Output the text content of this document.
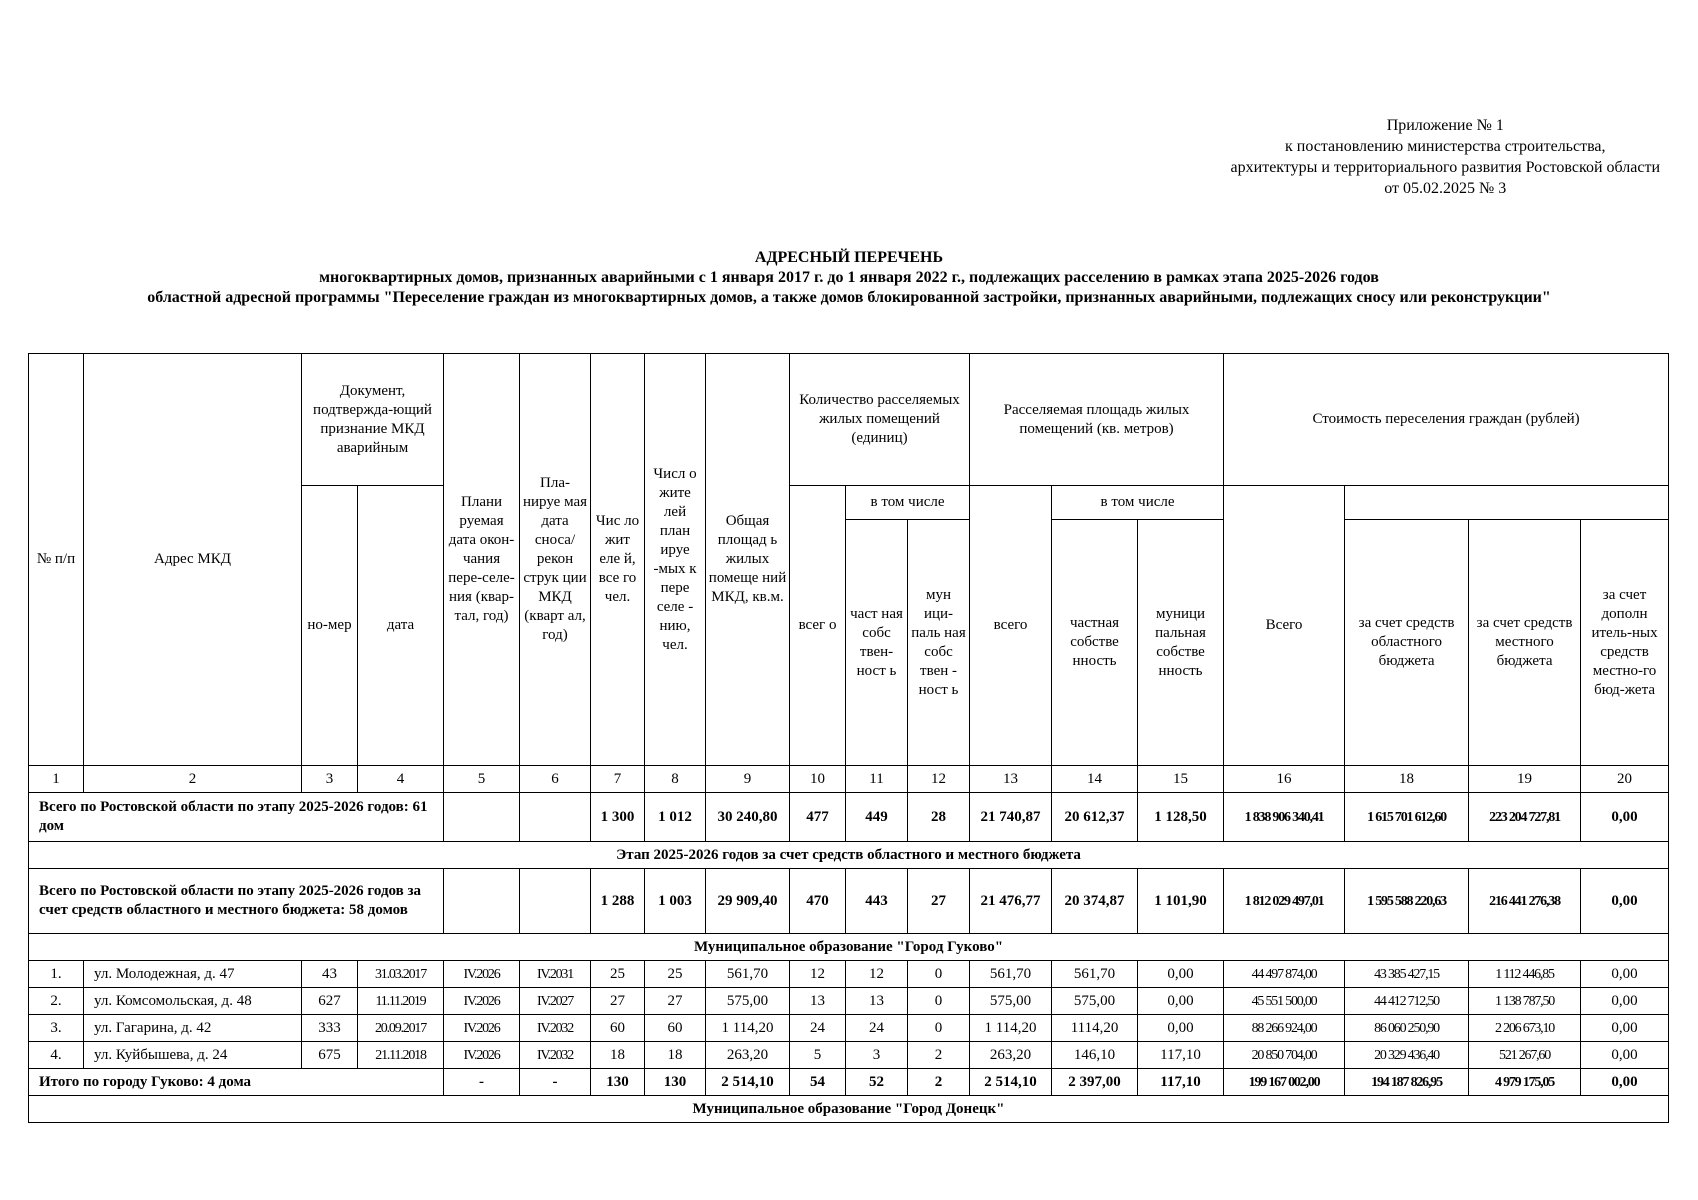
Приложение № 1
к постановлению министерства строительства,
архитектуры и территориального развития Ростовской области
от 05.02.2025 № 3
АДРЕСНЫЙ ПЕРЕЧЕНЬ
многоквартирных домов, признанных аварийными с 1 января 2017 г. до 1 января 2022 г., подлежащих расселению в рамках этапа 2025-2026 годов
областной адресной программы "Переселение граждан из многоквартирных домов, а также домов блокированной застройки, признанных аварийными, подлежащих сносу или реконструкции"
№ п/п	Адрес МКД	Документ, подтвержда-ющий признание МКД аварийным		Плани руемая дата окон-чания пере-селе-ния (квар-тал, год)	Пла-нируе мая дата сноса/ рекон струк ции МКД (кварт ал, год)	Чис ло жит еле й, все го чел.	Числ о жите лей план ируе -мых к пере селе - нию, чел.	Общая площад ь жилых помеще ний МКД, кв.м.	Количество расселяемых жилых помещений (единиц)			Расселяемая площадь жилых помещений (кв. метров)			Стоимость переселения граждан (рублей)			
		но-мер	дата						всег о	в том числе		всего	в том числе		Всего			
										част ная собс твен-ност ь	мун ици-паль ная собс твен - ност ь		частная собстве нность	муници пальная собстве нность		за счет средств областного бюджета	за счет средств местного бюджета	за счет дополн итель-ных средств местно-го бюд-жета
1	2	3	4	5	6	7	8	9	10	11	12	13	14	15	16	18	19	20
Всего по Ростовской области по этапу 2025-2026 годов: 61 дом						1 300	1 012	30 240,80	477	449	28	21 740,87	20 612,37	1 128,50	1 838 906 340,41	1 615 701 612,60	223 204 727,81	0,00
Этап 2025-2026 годов за счет средств областного и местного бюджета																		
Всего по Ростовской области по этапу 2025-2026 годов за счет средств областного и местного бюджета: 58 домов						1 288	1 003	29 909,40	470	443	27	21 476,77	20 374,87	1 101,90	1 812 029 497,01	1 595 588 220,63	216 441 276,38	0,00
Муниципальное образование "Город Гуково"																		
1.	ул. Молодежная, д. 47	43	31.03.2017	IV.2026	IV.2031	25	25	561,70	12	12	0	561,70	561,70	0,00	44 497 874,00	43 385 427,15	1 112 446,85	0,00
2.	ул. Комсомольская, д. 48	627	11.11.2019	IV.2026	IV.2027	27	27	575,00	13	13	0	575,00	575,00	0,00	45 551 500,00	44 412 712,50	1 138 787,50	0,00
3.	ул. Гагарина, д. 42	333	20.09.2017	IV.2026	IV.2032	60	60	1 114,20	24	24	0	1 114,20	1114,20	0,00	88 266 924,00	86 060 250,90	2 206 673,10	0,00
4.	ул. Куйбышева, д. 24	675	21.11.2018	IV.2026	IV.2032	18	18	263,20	5	3	2	263,20	146,10	117,10	20 850 704,00	20 329 436,40	521 267,60	0,00
Итого по городу Гуково: 4 дома				-	-	130	130	2 514,10	54	52	2	2 514,10	2 397,00	117,10	199 167 002,00	194 187 826,95	4 979 175,05	0,00
Муниципальное образование "Город Донецк"																		
